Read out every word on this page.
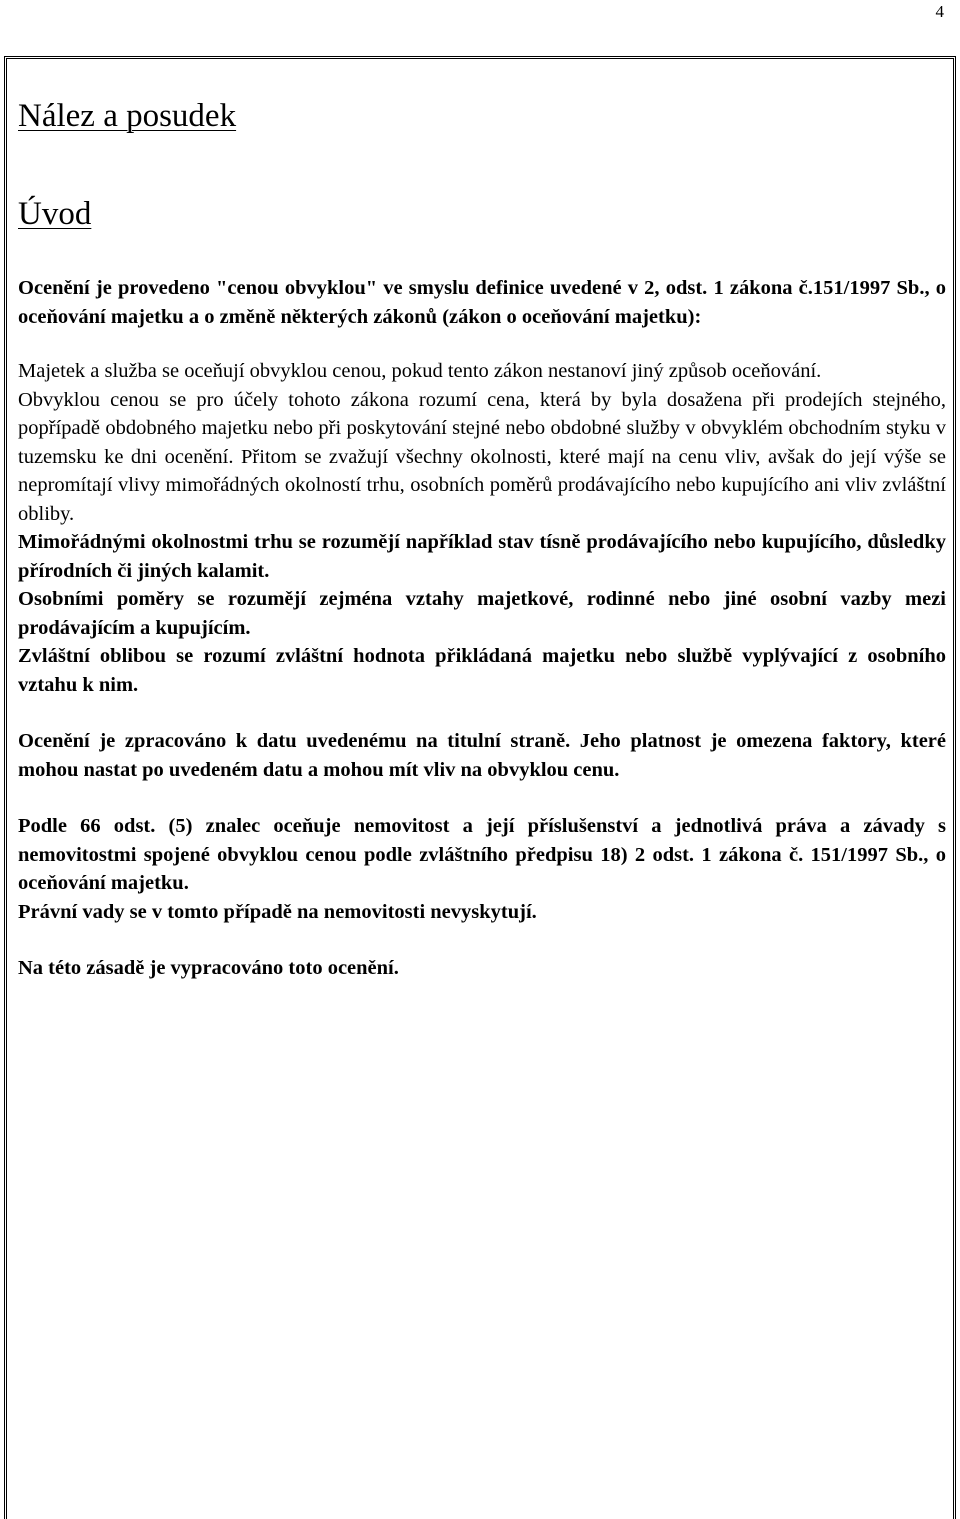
4
Nález a posudek
Úvod

Ocenění je provedeno "cenou obvyklou" ve smyslu definice uvedené v 2, odst. 1 zákona č.151/1997 Sb., o oceňování majetku a o změně některých zákonů (zákon o oceňování majetku):

Majetek a služba se oceňují obvyklou cenou, pokud tento zákon nestanoví jiný způsob oceňování.

Obvyklou cenou se pro účely tohoto zákona rozumí cena, která by byla dosažena při prodejích stejného, popřípadě obdobného majetku nebo při poskytování stejné nebo obdobné služby v obvyklém obchodním styku v tuzemsku ke dni ocenění. Přitom se zvažují všechny okolnosti, které mají na cenu vliv, avšak do její výše se nepromítají vlivy mimořádných okolností trhu, osobních poměrů prodávajícího nebo kupujícího ani vliv zvláštní obliby.

Mimořádnými okolnostmi trhu se rozumějí například stav tísně prodávajícího nebo kupujícího, důsledky přírodních či jiných kalamit.

Osobními poměry se rozumějí zejména vztahy majetkové, rodinné nebo jiné osobní vazby mezi prodávajícím a kupujícím.

Zvláštní oblibou se rozumí zvláštní hodnota přikládaná majetku nebo službě vyplývající z osobního vztahu k nim.

Ocenění je zpracováno k datu uvedenému na titulní straně. Jeho platnost je omezena faktory, které mohou nastat po uvedeném datu a mohou mít vliv na obvyklou cenu.

Podle 66 odst. (5) znalec oceňuje nemovitost a její příslušenství a jednotlivá práva a závady s nemovitostmi spojené obvyklou cenou podle zvláštního předpisu 18) 2 odst. 1 zákona č. 151/1997 Sb., o oceňování majetku.

Právní vady se v tomto případě na nemovitosti nevyskytují.

Na této zásadě je vypracováno toto ocenění.
